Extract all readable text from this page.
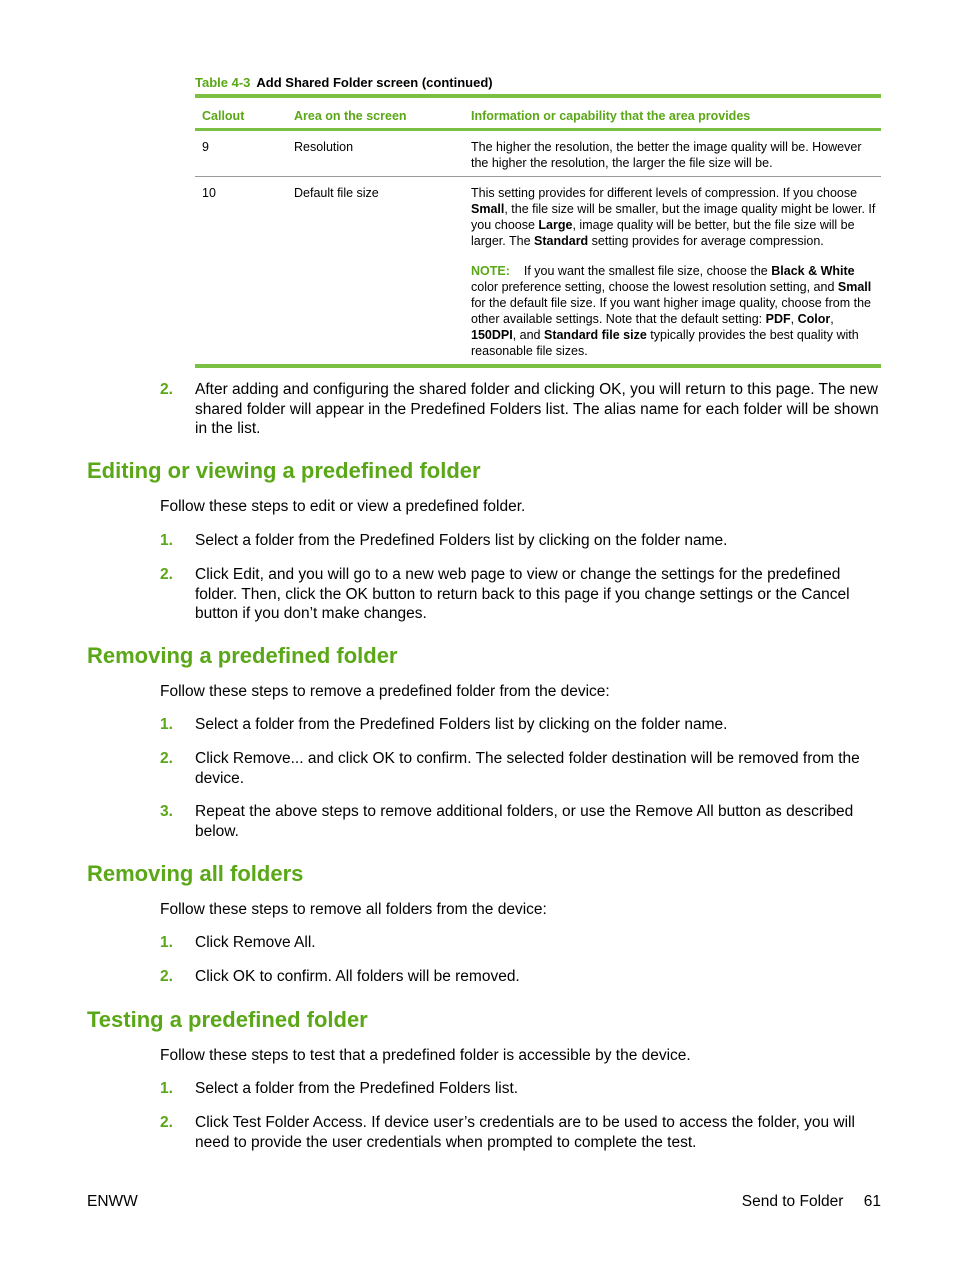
Table 4-3 Add Shared Folder screen (continued)
Callout	Area on the screen	Information or capability that the area provides
9	Resolution	The higher the resolution, the better the image quality will be. However the higher the resolution, the larger the file size will be.
10	Default file size	This setting provides for different levels of compression. If you choose Small, the file size will be smaller, but the image quality might be lower. If you choose Large, image quality will be better, but the file size will be larger. The Standard setting provides for average compression.

NOTE: If you want the smallest file size, choose the Black & White color preference setting, choose the lowest resolution setting, and Small for the default file size. If you want higher image quality, choose from the other available settings. Note that the default setting: PDF, Color, 150DPI, and Standard file size typically provides the best quality with reasonable file sizes.

2. After adding and configuring the shared folder and clicking OK, you will return to this page. The new shared folder will appear in the Predefined Folders list. The alias name for each folder will be shown in the list.
Editing or viewing a predefined folder
Follow these steps to edit or view a predefined folder.
1. Select a folder from the Predefined Folders list by clicking on the folder name.
2. Click Edit, and you will go to a new web page to view or change the settings for the predefined folder. Then, click the OK button to return back to this page if you change settings or the Cancel button if you don’t make changes.
Removing a predefined folder
Follow these steps to remove a predefined folder from the device:
1. Select a folder from the Predefined Folders list by clicking on the folder name.
2. Click Remove... and click OK to confirm. The selected folder destination will be removed from the device.
3. Repeat the above steps to remove additional folders, or use the Remove All button as described below.
Removing all folders
Follow these steps to remove all folders from the device:
1. Click Remove All.
2. Click OK to confirm. All folders will be removed.
Testing a predefined folder
Follow these steps to test that a predefined folder is accessible by the device.
1. Select a folder from the Predefined Folders list.
2. Click Test Folder Access. If device user’s credentials are to be used to access the folder, you will need to provide the user credentials when prompted to complete the test.
ENWW	Send to Folder 61
